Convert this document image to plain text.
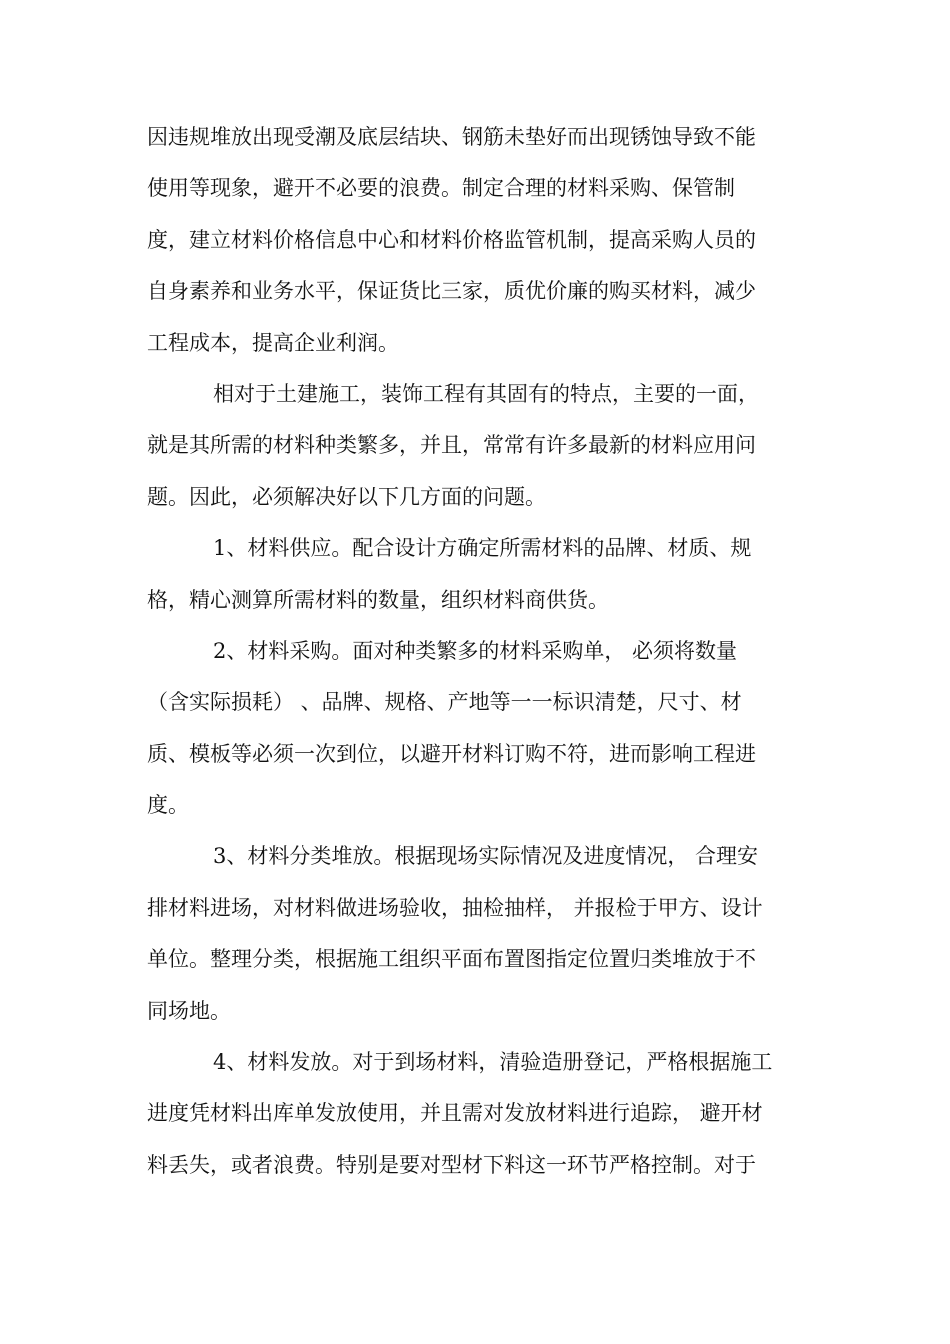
因违规堆放出现受潮及底层结块、钢筋未垫好而出现锈蚀导致不能
使用等现象，避开不必要的浪费。制定合理的材料采购、保管制
度，建立材料价格信息中心和材料价格监管机制，提高采购人员的
自身素养和业务水平，保证货比三家，质优价廉的购买材料，减少
工程成本，提高企业利润。
相对于土建施工，装饰工程有其固有的特点，主要的一面，
就是其所需的材料种类繁多，并且，常常有许多最新的材料应用问
题。因此，必须解决好以下几方面的问题。
1、材料供应。配合设计方确定所需材料的品牌、材质、规
格，精心测算所需材料的数量，组织材料商供货。
2、材料采购。面对种类繁多的材料采购单， 必须将数量
（含实际损耗） 、品牌、规格、产地等一一标识清楚，尺寸、材
质、模板等必须一次到位，以避开材料订购不符，进而影响工程进
度。
3、材料分类堆放。根据现场实际情况及进度情况， 合理安
排材料进场，对材料做进场验收，抽检抽样， 并报检于甲方、设计
单位。整理分类，根据施工组织平面布置图指定位置归类堆放于不
同场地。
4、材料发放。对于到场材料，清验造册登记，严格根据施工
进度凭材料出库单发放使用，并且需对发放材料进行追踪， 避开材
料丢失，或者浪费。特别是要对型材下料这一环节严格控制。对于
